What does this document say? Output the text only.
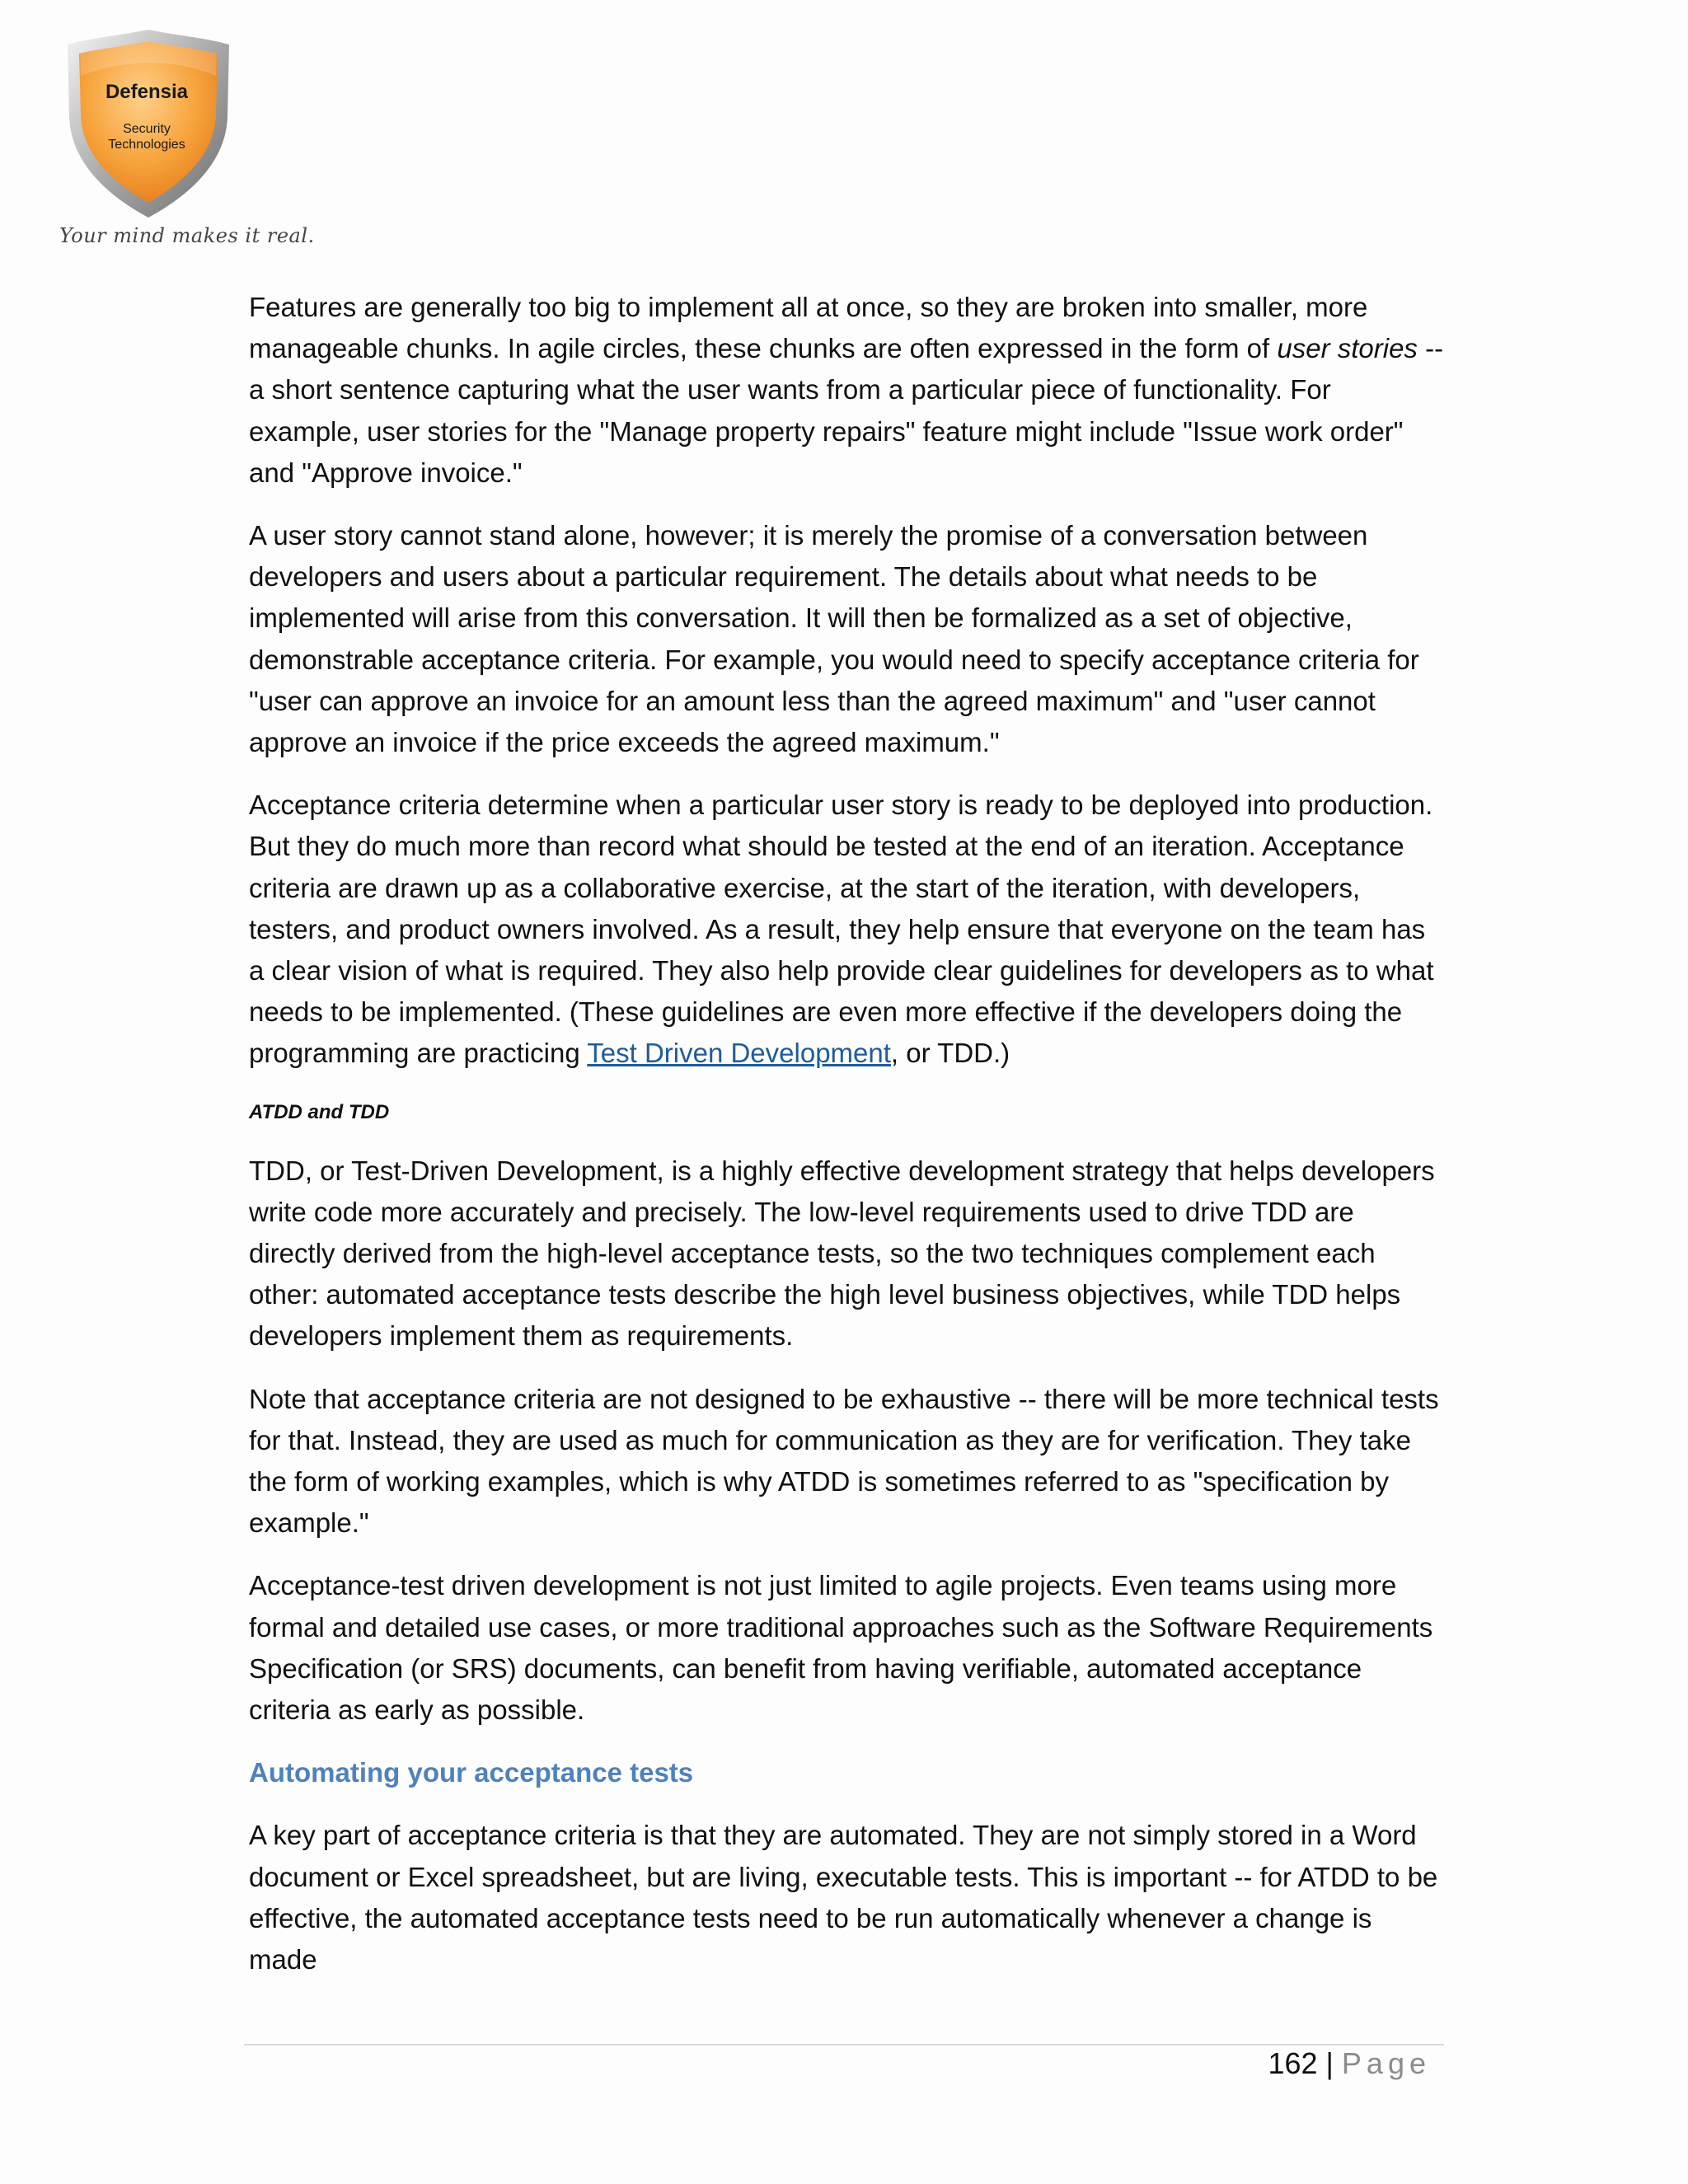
Defensia
Security
Technologies
Your mind makes it real.

Features are generally too big to implement all at once, so they are broken into smaller, more manageable chunks. In agile circles, these chunks are often expressed in the form of user stories -- a short sentence capturing what the user wants from a particular piece of functionality. For example, user stories for the "Manage property repairs" feature might include "Issue work order" and "Approve invoice."

A user story cannot stand alone, however; it is merely the promise of a conversation between developers and users about a particular requirement. The details about what needs to be implemented will arise from this conversation. It will then be formalized as a set of objective, demonstrable acceptance criteria. For example, you would need to specify acceptance criteria for "user can approve an invoice for an amount less than the agreed maximum" and "user cannot approve an invoice if the price exceeds the agreed maximum."

Acceptance criteria determine when a particular user story is ready to be deployed into production. But they do much more than record what should be tested at the end of an iteration. Acceptance criteria are drawn up as a collaborative exercise, at the start of the iteration, with developers, testers, and product owners involved. As a result, they help ensure that everyone on the team has a clear vision of what is required. They also help provide clear guidelines for developers as to what needs to be implemented. (These guidelines are even more effective if the developers doing the programming are practicing Test Driven Development, or TDD.)

ATDD and TDD

TDD, or Test-Driven Development, is a highly effective development strategy that helps developers write code more accurately and precisely. The low-level requirements used to drive TDD are directly derived from the high-level acceptance tests, so the two techniques complement each other: automated acceptance tests describe the high level business objectives, while TDD helps developers implement them as requirements.

Note that acceptance criteria are not designed to be exhaustive -- there will be more technical tests for that. Instead, they are used as much for communication as they are for verification. They take the form of working examples, which is why ATDD is sometimes referred to as "specification by example."

Acceptance-test driven development is not just limited to agile projects. Even teams using more formal and detailed use cases, or more traditional approaches such as the Software Requirements Specification (or SRS) documents, can benefit from having verifiable, automated acceptance criteria as early as possible.

Automating your acceptance tests

A key part of acceptance criteria is that they are automated. They are not simply stored in a Word document or Excel spreadsheet, but are living, executable tests. This is important -- for ATDD to be effective, the automated acceptance tests need to be run automatically whenever a change is made

162 | Page
